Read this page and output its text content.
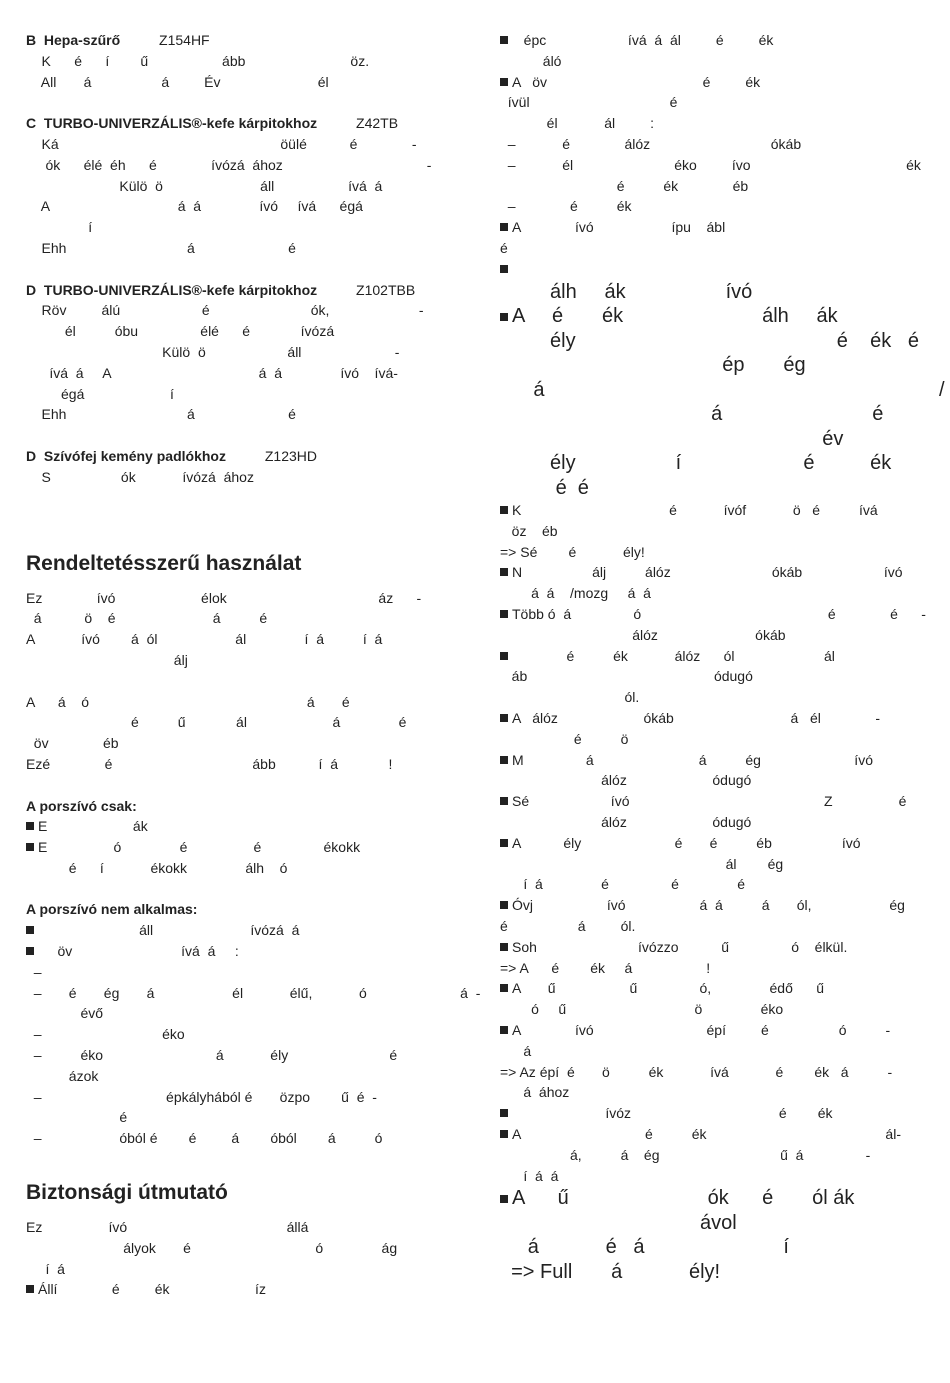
B  Hepa-szűrő          Z154HF
K      é      í        ű                   ább                           öz.
All       á                  á         Év                         él
C  TURBO-UNIVERZÁLIS®-kefe kárpitokhoz          Z42TB
Ká                                                         öülé           é              -
ók      élé  éh      é              ívózá  ához                                     -
Külö  ö                         áll                   ívá  á
A                                 á  á               ívó     ívá      égá
í
Ehh                               á                        é
D  TURBO-UNIVERZÁLIS®-kefe kárpitokhoz          Z102TBB
Röv         álú                     é                          ók,                       -
él          óbu                élé      é             ívózá
Külö  ö                     áll                        -
ívá  á     A                                      á  á               ívó    ívá-
égá                      í
Ehh                               á                        é
D  Szívófej kemény padlókhoz          Z123HD
S                  ók            ívózá  ához
Rendeltetésszerű használat
Ez              ívó                      élok                                       áz      -
á           ö    é                         á          é
A            ívó        á  ól                    ál               í  á          í  á
álj
A      á    ó                                                        á       é
é          ű             ál                      á               é
öv              éb
Ezé              é                                    ább           í  á             !
A porszívó csak:
E                      ák
E                 ó               é                 é                ékokk
é      í            ékokk               álh    ó
A porszívó nem alkalmas:
áll                         ívózá  á
öv                            ívá  á     :
–
–       é       ég       á                    él            élű,            ó                        á  -
évő
–                               éko
–          éko                             á            ély                          é
ázok
–                                épkályhából é       özpo        ű  é  -
é
–                    óból é        é         á        óból        á          ó
Biztonsági útmutató
Ez                 ívó                                         állá
ályok       é                                ó               ág
í  á
Állí              é         ék                      íz
épc                     ívá  á  ál         é         ék
áló
A   öv                                        é         ék
ívül                                    é
él            ál         :
–            é              álóz                               ókáb
–            él                          éko         ívo                                        ék
é          ék              éb
–              é          ék
A              ívó                    ípu    ábl
é
álh     ák                  ívó
A     é       ék                         álh     ák
ély                                               é    ék   é
ép       ég
á                                                                       /
á                           é
év
ély                  í                      é          ék
é  é
K                                      é            ívóf            ö   é          ívá
öz    éb
=> Sé        é            ély!
N                  álj          álóz                          ókáb                     ívó
á  á    /mozg     á  á
Több ó  á                ó                                                é              é      -
álóz                         ókáb
é          ék            álóz      ól                       ál
áb                                                ódugó
ól.
A   álóz                      ókáb                              á   él              -
é          ö
M                á                           á          ég                        ívó
álóz                      ódugó
Sé                     ívó                                                  Z                 é
álóz                      ódugó
A           ély                        é       é          éb                  ívó
ál        ég
í  á               é                é               é
Óvj                   ívó                   á  á          á       ól,                    ég
é                  á         ól.
Soh                          ívózzo           ű                ó    élkül.
=> A      é        ék     á                   !
A       ű                   ű                ó,               édő      ű
ó     ű                                 ö               éko
A              ívó                             épí         é                  ó          -
á
=> Az épí  é       ö          ék            ívá            é        ék   á          -
á  ához
ívóz                                      é        ék
A                                é          ék                                              ál-
á,          á    ég                               ű  á                -
í  á  á
A      ű                         ók      é       ól ák
ávol
á            é   á                         í
=> Full       á            ély!
